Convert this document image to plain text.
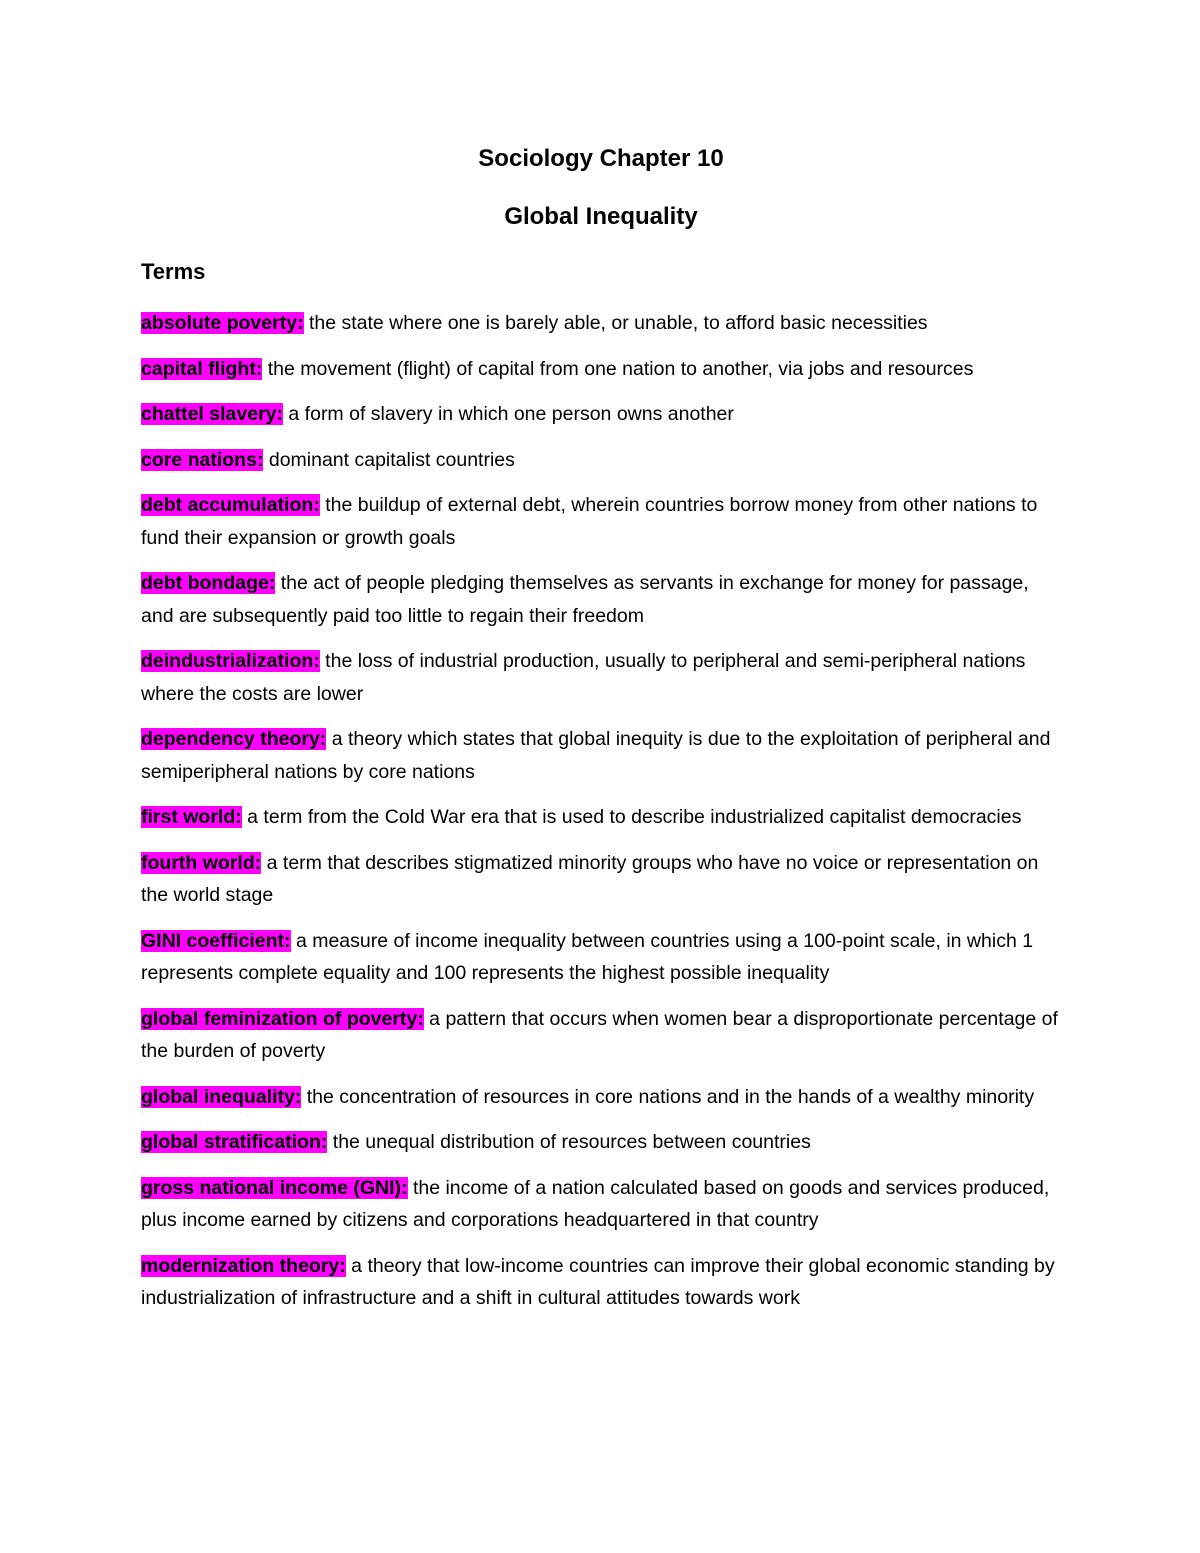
Sociology Chapter 10

Global Inequality

Terms

absolute poverty: the state where one is barely able, or unable, to afford basic necessities
capital flight: the movement (flight) of capital from one nation to another, via jobs and resources
chattel slavery: a form of slavery in which one person owns another
core nations: dominant capitalist countries
debt accumulation: the buildup of external debt, wherein countries borrow money from other nations to fund their expansion or growth goals
debt bondage: the act of people pledging themselves as servants in exchange for money for passage, and are subsequently paid too little to regain their freedom
deindustrialization: the loss of industrial production, usually to peripheral and semi-peripheral nations where the costs are lower
dependency theory: a theory which states that global inequity is due to the exploitation of peripheral and semiperipheral nations by core nations
first world: a term from the Cold War era that is used to describe industrialized capitalist democracies
fourth world: a term that describes stigmatized minority groups who have no voice or representation on the world stage
GINI coefficient: a measure of income inequality between countries using a 100-point scale, in which 1 represents complete equality and 100 represents the highest possible inequality
global feminization of poverty: a pattern that occurs when women bear a disproportionate percentage of the burden of poverty
global inequality: the concentration of resources in core nations and in the hands of a wealthy minority
global stratification: the unequal distribution of resources between countries
gross national income (GNI): the income of a nation calculated based on goods and services produced, plus income earned by citizens and corporations headquartered in that country
modernization theory: a theory that low-income countries can improve their global economic standing by industrialization of infrastructure and a shift in cultural attitudes towards work
